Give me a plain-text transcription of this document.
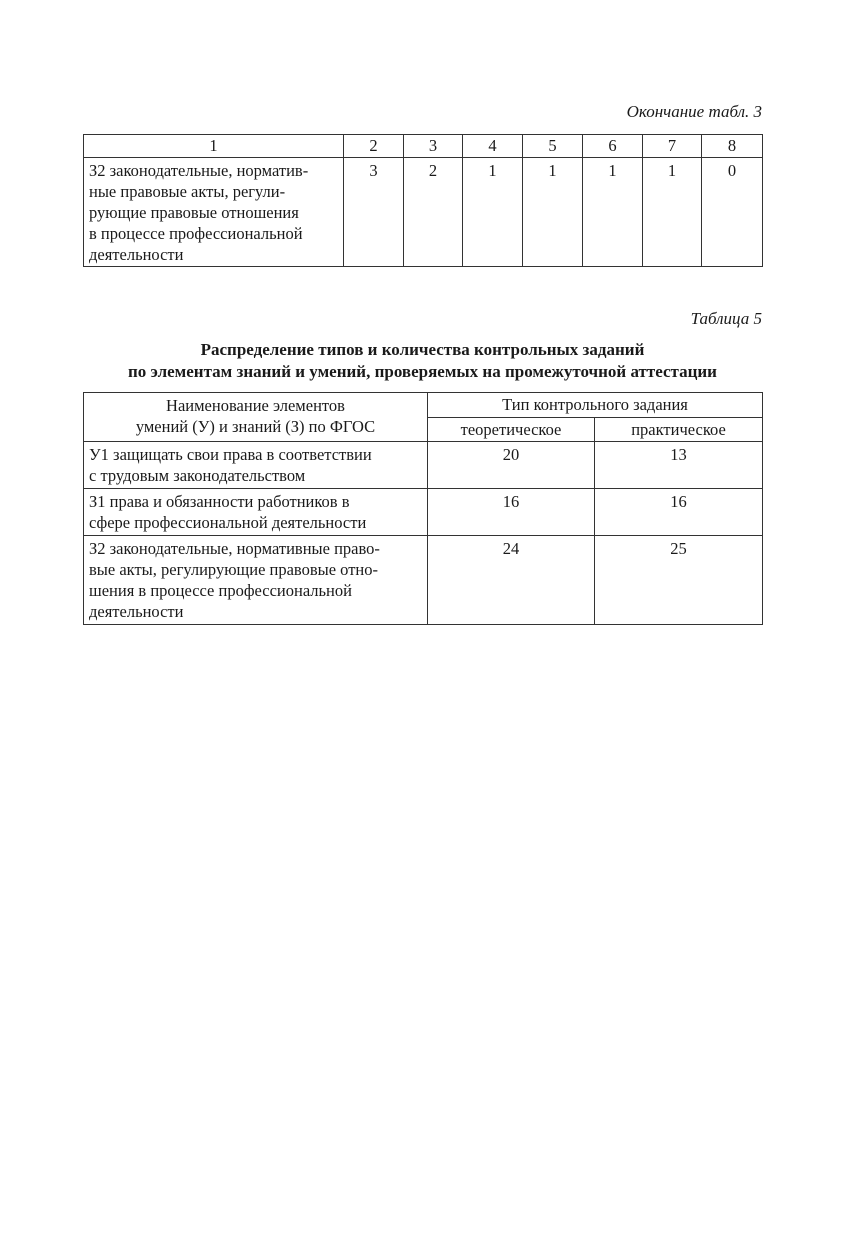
Окончание табл. 3
1	2	3	4	5	6	7	8

З2 законодательные, норматив-
ные правовые акты, регули-
рующие правовые отношения
в процессе профессиональной
деятельности	3	2	1	1	1	1	0
Таблица 5
Распределение типов и количества контрольных заданий
по элементам знаний и умений, проверяемых на промежуточной аттестации
Наименование элементов
умений (У) и знаний (З) по ФГОС	Тип контрольного задания	
	теоретическое	практическое

У1 защищать свои права в соответствии
с трудовым законодательством	20	13

З1 права и обязанности работников в
сфере профессиональной деятельности	16	16

З2 законодательные, нормативные право-
вые акты, регулирующие правовые отно-
шения в процессе профессиональной
деятельности	24	25
